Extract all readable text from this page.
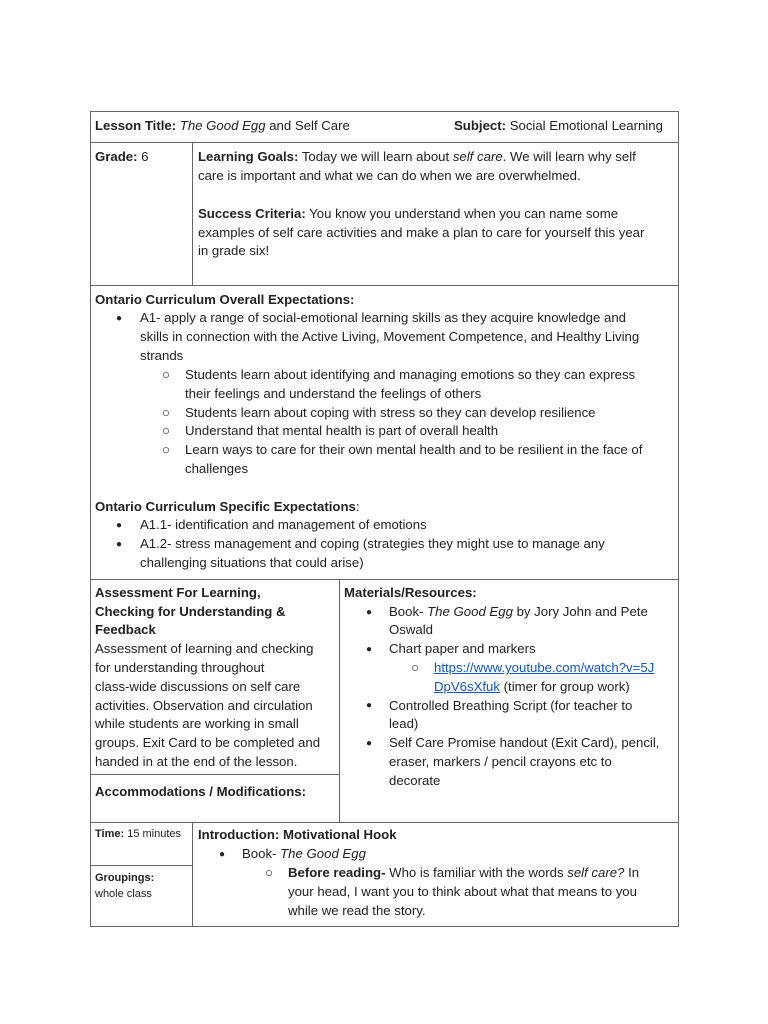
Lesson Title: The Good Egg and Self Care	Subject: Social Emotional Learning
Grade: 6	Learning Goals: Today we will learn about self care. We will learn why self
care is important and what we can do when we are overwhelmed.
Success Criteria: You know you understand when you can name some
examples of self care activities and make a plan to care for yourself this year
in grade six!
Ontario Curriculum Overall Expectations:
● A1- apply a range of social-emotional learning skills as they acquire knowledge and
skills in connection with the Active Living, Movement Competence, and Healthy Living
strands
○ Students learn about identifying and managing emotions so they can express
their feelings and understand the feelings of others
○ Students learn about coping with stress so they can develop resilience
○ Understand that mental health is part of overall health
○ Learn ways to care for their own mental health and to be resilient in the face of
challenges
Ontario Curriculum Specific Expectations:
● A1.1- identification and management of emotions
● A1.2- stress management and coping (strategies they might use to manage any
challenging situations that could arise)
Assessment For Learning,
Checking for Understanding &
Feedback
Assessment of learning and checking
for understanding throughout
class-wide discussions on self care
activities. Observation and circulation
while students are working in small
groups. Exit Card to be completed and
handed in at the end of the lesson.
Accommodations / Modifications:
Materials/Resources:
● Book- The Good Egg by Jory John and Pete
Oswald
● Chart paper and markers
○ https://www.youtube.com/watch?v=5J
DpV6sXfuk (timer for group work)
● Controlled Breathing Script (for teacher to
lead)
● Self Care Promise handout (Exit Card), pencil,
eraser, markers / pencil crayons etc to
decorate
Time: 15 minutes
Groupings:
whole class
Introduction: Motivational Hook
● Book- The Good Egg
○ Before reading- Who is familiar with the words self care? In
your head, I want you to think about what that means to you
while we read the story.
